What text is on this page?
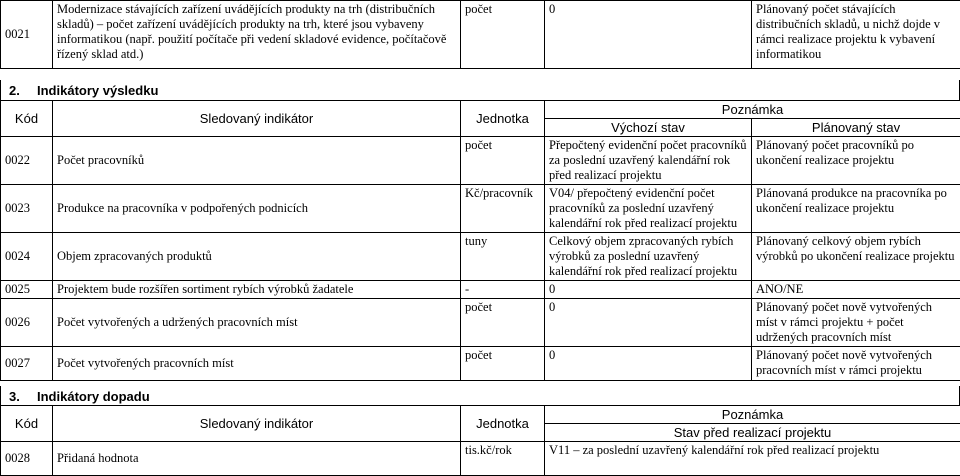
0021	Modernizace stávajících zařízení uvádějících produkty na trh (distribučních skladů) – počet zařízení uvádějících produkty na trh, které jsou vybaveny informatikou (např. použití počítače při vedení skladové evidence, počítačově řízený sklad atd.)	počet	0	Plánovaný počet stávajících distribučních skladů, u nichž dojde v rámci realizace projektu k vybavení informatikou
2. Indikátory výsledku
Kód	Sledovaný indikátor	Jednotka	Poznámka	
			Výchozí stav	Plánovaný stav
0022	Počet pracovníků	počet	Přepočtený evidenční počet pracovníků za poslední uzavřený kalendářní rok před realizací projektu	Plánovaný počet pracovníků po ukončení realizace projektu
0023	Produkce na pracovníka v podpořených podnicích	Kč/pracovník	V04/ přepočtený evidenční počet pracovníků za poslední uzavřený kalendářní rok před realizací projektu	Plánovaná produkce na pracovníka po ukončení realizace projektu
0024	Objem zpracovaných produktů	tuny	Celkový objem zpracovaných rybích výrobků za poslední uzavřený kalendářní rok před realizací projektu	Plánovaný celkový objem rybích výrobků po ukončení realizace projektu
0025	Projektem bude rozšířen sortiment rybích výrobků žadatele	-	0	ANO/NE
0026	Počet vytvořených a udržených pracovních míst	počet	0	Plánovaný počet nově vytvořených míst v rámci projektu + počet udržených pracovních míst
0027	Počet vytvořených pracovních míst	počet	0	Plánovaný počet nově vytvořených pracovních míst v rámci projektu
3. Indikátory dopadu
Kód	Sledovaný indikátor	Jednotka	Poznámka
			Stav před realizací projektu
0028	Přidaná hodnota	tis.kč/rok	V11 – za poslední uzavřený kalendářní rok před realizací projektu
